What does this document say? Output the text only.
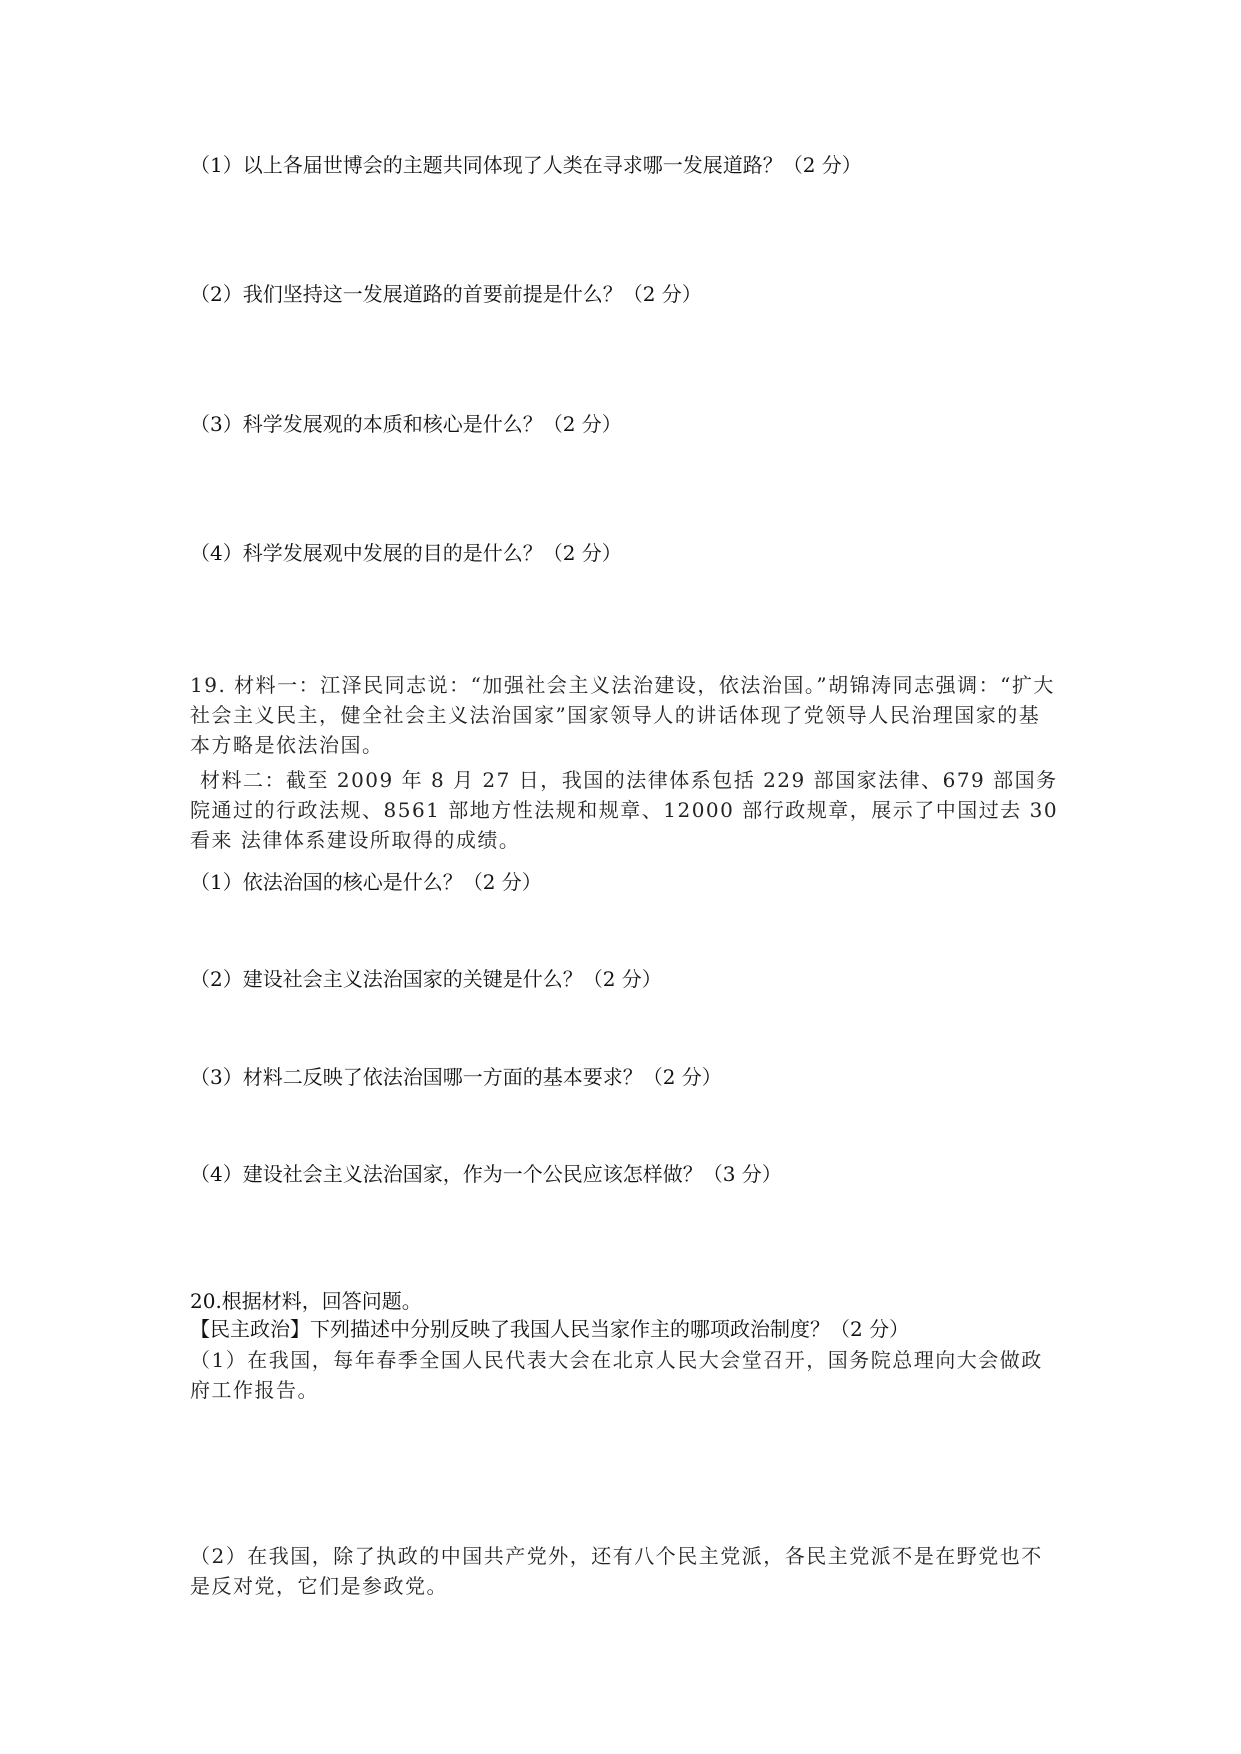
（1）以上各届世博会的主题共同体现了人类在寻求哪一发展道路？（2 分）
（2）我们坚持这一发展道路的首要前提是什么？（2 分）
（3）科学发展观的本质和核心是什么？（2 分）
（4）科学发展观中发展的目的是什么？（2 分）
19. 材料一：江泽民同志说：“加强社会主义法治建设，依法治国。”胡锦涛同志强调：“扩大社会主义民主，健全社会主义法治国家”国家领导人的讲话体现了党领导人民治理国家的基本方略是依法治国。
材料二：截至 2009 年 8 月 27 日，我国的法律体系包括 229 部国家法律、679 部国务院通过的行政法规、8561 部地方性法规和规章、12000 部行政规章，展示了中国过去 30 看来 法律体系建设所取得的成绩。
（1）依法治国的核心是什么？（2 分）
（2）建设社会主义法治国家的关键是什么？（2 分）
（3）材料二反映了依法治国哪一方面的基本要求？（2 分）
（4）建设社会主义法治国家，作为一个公民应该怎样做？（3 分）
20.根据材料，回答问题。
【民主政治】下列描述中分别反映了我国人民当家作主的哪项政治制度？（2 分）
（1）在我国，每年春季全国人民代表大会在北京人民大会堂召开，国务院总理向大会做政府工作报告。
（2）在我国，除了执政的中国共产党外，还有八个民主党派，各民主党派不是在野党也不是反对党，它们是参政党。
